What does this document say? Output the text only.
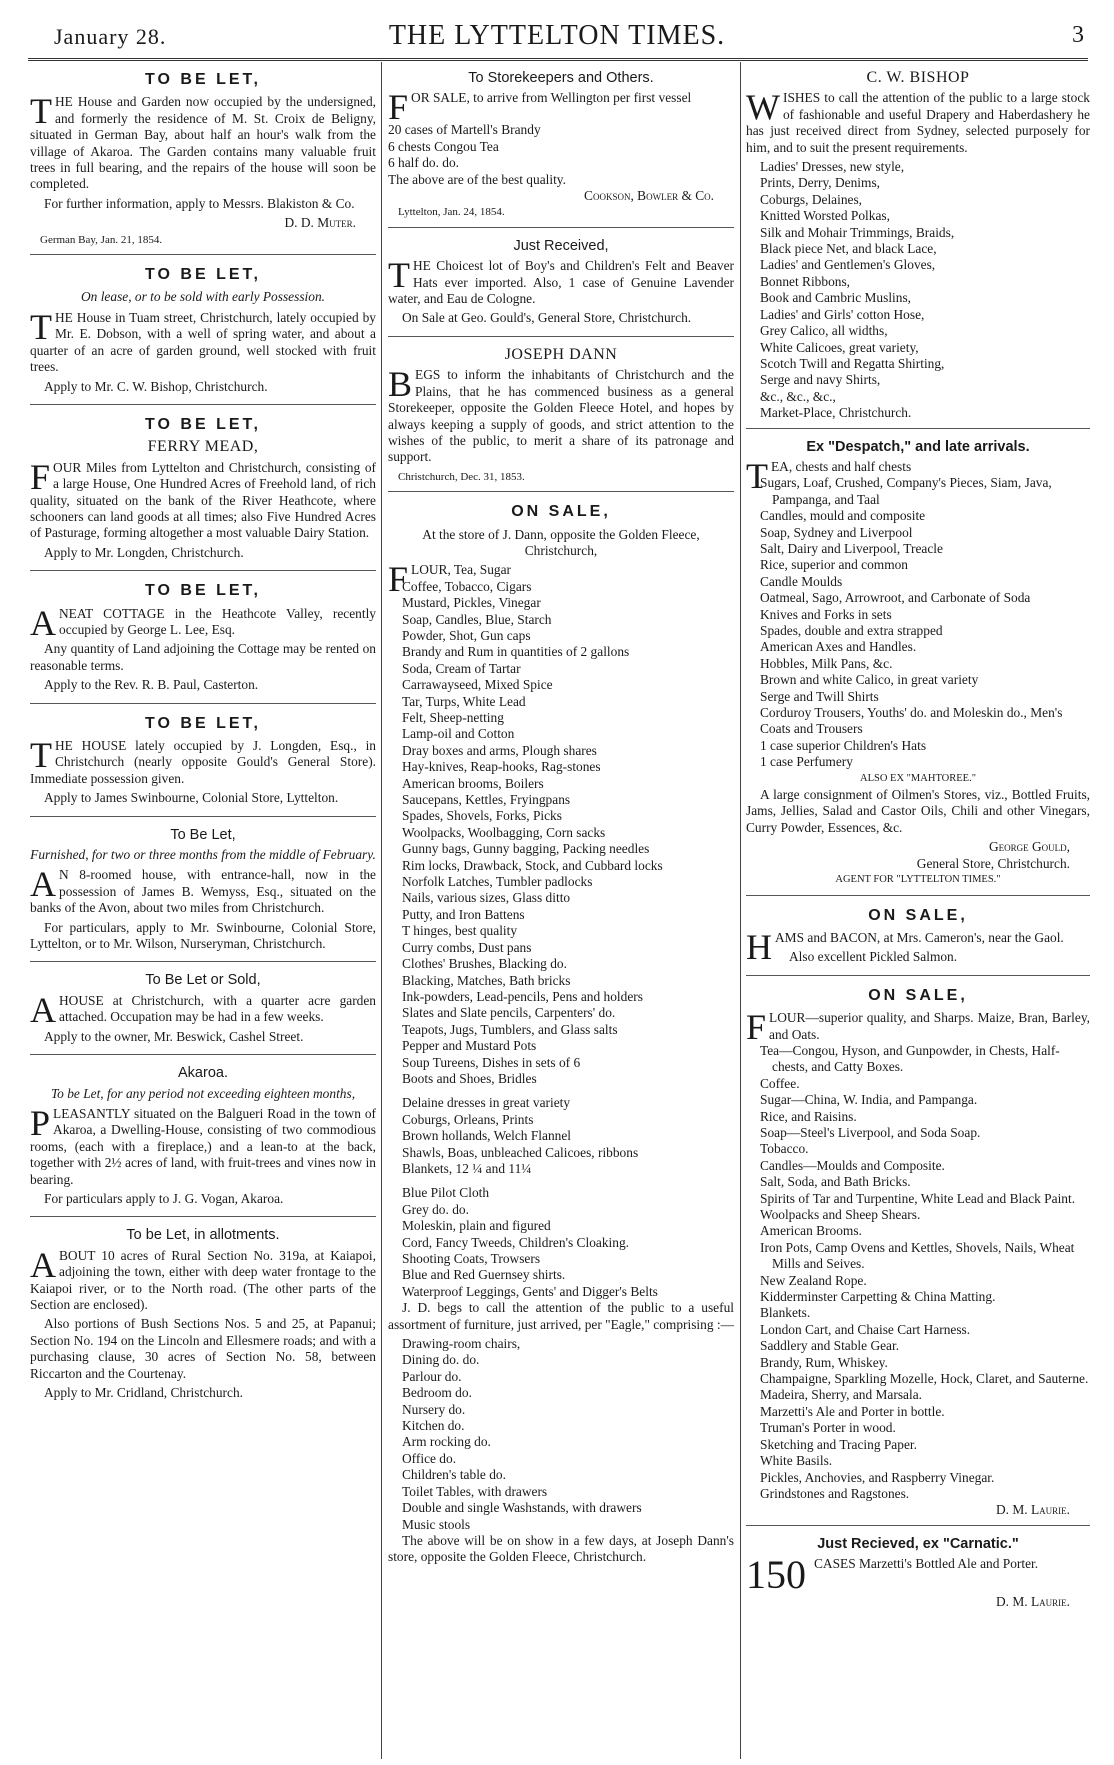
January 28.	THE LYTTELTON TIMES.	3
TO BE LET,

THE House and Garden now occupied by the undersigned, and formerly the residence of M. St. Croix de Beligny, situated in German Bay, about half an hour's walk from the village of Akaroa. The Garden contains many valuable fruit trees in full bearing, and the repairs of the house will soon be completed.

For further information, apply to Messrs. Blakiston & Co.

D. D. Muter.
German Bay, Jan. 21, 1854.
TO BE LET,
On lease, or to be sold with early Possession.

THE House in Tuam street, Christchurch, lately occupied by Mr. E. Dobson, with a well of spring water, and about a quarter of an acre of garden ground, well stocked with fruit trees.

Apply to Mr. C. W. Bishop, Christchurch.

TO BE LET,
FERRY MEAD,

FOUR Miles from Lyttelton and Christchurch, consisting of a large House, One Hundred Acres of Freehold land, of rich quality, situated on the bank of the River Heathcote, where schooners can land goods at all times; also Five Hundred Acres of Pasturage, forming altogether a most valuable Dairy Station.

Apply to Mr. Longden, Christchurch.

TO BE LET,

ANEAT COTTAGE in the Heathcote Valley, recently occupied by George L. Lee, Esq.

Any quantity of Land adjoining the Cottage may be rented on reasonable terms.

Apply to the Rev. R. B. Paul, Casterton.

TO BE LET,

THE HOUSE lately occupied by J. Longden, Esq., in Christchurch (nearly opposite Gould's General Store). Immediate possession given.

Apply to James Swinbourne, Colonial Store, Lyttelton.

To Be Let,
Furnished, for two or three months from the middle of February.

A N 8-roomed house, with entrance-hall, now in the possession of James B. Wemyss, Esq., situated on the banks of the Avon, about two miles from Christchurch.

For particulars, apply to Mr. Swinbourne, Colonial Store, Lyttelton, or to Mr. Wilson, Nurseryman, Christchurch.

To Be Let or Sold,

AHOUSE at Christchurch, with a quarter acre garden attached. Occupation may be had in a few weeks.

Apply to the owner, Mr. Beswick, Cashel Street.

Akaroa.
To be Let, for any period not exceeding eighteen months,

PLEASANTLY situated on the Balgueri Road in the town of Akaroa, a Dwelling-House, consisting of two commodious rooms, (each with a fireplace,) and a lean-to at the back, together with 2½ acres of land, with fruit-trees and vines now in bearing.

For particulars apply to J. G. Vogan, Akaroa.

To be Let, in allotments.

ABOUT 10 acres of Rural Section No. 319a, at Kaiapoi, adjoining the town, either with deep water frontage to the Kaiapoi river, or to the North road. (The other parts of the Section are enclosed).

Also portions of Bush Sections Nos. 5 and 25, at Papanui; Section No. 194 on the Lincoln and Ellesmere roads; and with a purchasing clause, 30 acres of Section No. 58, between Riccarton and the Courtenay.

Apply to Mr. Cridland, Christchurch.

To Storekeepers and Others.

FOR SALE, to arrive from Wellington per first vessel

20 cases of Martell's Brandy
6 chests Congou Tea
6 half do. do.
The above are of the best quality.
Cookson, Bowler & Co.
Lyttelton, Jan. 24, 1854.
Just Received,

THE Choicest lot of Boy's and Children's Felt and Beaver Hats ever imported. Also, 1 case of Genuine Lavender water, and Eau de Cologne.

On Sale at Geo. Gould's, General Store, Christchurch.

JOSEPH DANN

BEGS to inform the inhabitants of Christchurch and the Plains, that he has commenced business as a general Storekeeper, opposite the Golden Fleece Hotel, and hopes by always keeping a supply of goods, and strict attention to the wishes of the public, to merit a share of its patronage and support.

Christchurch, Dec. 31, 1853.
ON SALE,

At the store of J. Dann, opposite the Golden Fleece, Christchurch,

FLOUR, Tea, Sugar

Coffee, Tobacco, Cigars
Mustard, Pickles, Vinegar
Soap, Candles, Blue, Starch
Powder, Shot, Gun caps
Brandy and Rum in quantities of 2 gallons
Soda, Cream of Tartar
Carrawayseed, Mixed Spice
Tar, Turps, White Lead
Felt, Sheep-netting
Lamp-oil and Cotton
Dray boxes and arms, Plough shares
Hay-knives, Reap-hooks, Rag-stones
American brooms, Boilers
Saucepans, Kettles, Fryingpans
Spades, Shovels, Forks, Picks
Woolpacks, Woolbagging, Corn sacks
Gunny bags, Gunny bagging, Packing needles
Rim locks, Drawback, Stock, and Cubbard locks
Norfolk Latches, Tumbler padlocks
Nails, various sizes, Glass ditto
Putty, and Iron Battens
T hinges, best quality
Curry combs, Dust pans
Clothes' Brushes, Blacking do.
Blacking, Matches, Bath bricks
Ink-powders, Lead-pencils, Pens and holders
Slates and Slate pencils, Carpenters' do.
Teapots, Jugs, Tumblers, and Glass salts
Pepper and Mustard Pots
Soup Tureens, Dishes in sets of 6
Boots and Shoes, Bridles
Delaine dresses in great variety
Coburgs, Orleans, Prints
Brown hollands, Welch Flannel
Shawls, Boas, unbleached Calicoes, ribbons
Blankets, 12 ¼ and 11¼
Blue Pilot Cloth
Grey do. do.
Moleskin, plain and figured
Cord, Fancy Tweeds, Children's Cloaking.
Shooting Coats, Trowsers
Blue and Red Guernsey shirts.
Waterproof Leggings, Gents' and Digger's Belts

J. D. begs to call the attention of the public to a useful assortment of furniture, just arrived, per "Eagle," comprising :—

Drawing-room chairs,
Dining do. do.
Parlour do.
Bedroom do.
Nursery do.
Kitchen do.
Arm rocking do.
Office do.
Children's table do.
Toilet Tables, with drawers
Double and single Washstands, with drawers
Music stools

The above will be on show in a few days, at Joseph Dann's store, opposite the Golden Fleece, Christchurch.

C. W. BISHOP

WISHES to call the attention of the public to a large stock of fashionable and useful Drapery and Haberdashery he has just received direct from Sydney, selected purposely for him, and to suit the present requirements.

Ladies' Dresses, new style,
Prints, Derry, Denims,
Coburgs, Delaines,
Knitted Worsted Polkas,
Silk and Mohair Trimmings, Braids,
Black piece Net, and black Lace,
Ladies' and Gentlemen's Gloves,
Bonnet Ribbons,
Book and Cambric Muslins,
Ladies' and Girls' cotton Hose,
Grey Calico, all widths,
White Calicoes, great variety,
Scotch Twill and Regatta Shirting,
Serge and navy Shirts,
&c., &c., &c.,
Market-Place, Christchurch.
Ex "Despatch," and late arrivals.

TEA, chests and half chests

Sugars, Loaf, Crushed, Company's Pieces, Siam, Java, Pampanga, and Taal
Candles, mould and composite
Soap, Sydney and Liverpool
Salt, Dairy and Liverpool, Treacle
Rice, superior and common
Candle Moulds
Oatmeal, Sago, Arrowroot, and Carbonate of Soda
Knives and Forks in sets
Spades, double and extra strapped
American Axes and Handles.
Hobbles, Milk Pans, &c.
Brown and white Calico, in great variety
Serge and Twill Shirts
Corduroy Trousers, Youths' do. and Moleskin do., Men's
Coats and Trousers
1 case superior Children's Hats
1 case Perfumery
ALSO EX "MAHTOREE."

A large consignment of Oilmen's Stores, viz., Bottled Fruits, Jams, Jellies, Salad and Castor Oils, Chili and other Vinegars, Curry Powder, Essences, &c.

George Gould,
General Store, Christchurch.
AGENT FOR "LYTTELTON TIMES."
ON SALE,

HAMS and BACON, at Mrs. Cameron's, near the Gaol.

Also excellent Pickled Salmon.

ON SALE,

FLOUR—superior quality, and Sharps. Maize, Bran, Barley, and Oats.

Tea—Congou, Hyson, and Gunpowder, in Chests, Half-chests, and Catty Boxes.
Coffee.
Sugar—China, W. India, and Pampanga.
Rice, and Raisins.
Soap—Steel's Liverpool, and Soda Soap.
Tobacco.
Candles—Moulds and Composite.
Salt, Soda, and Bath Bricks.
Spirits of Tar and Turpentine, White Lead and Black Paint.
Woolpacks and Sheep Shears.
American Brooms.
Iron Pots, Camp Ovens and Kettles, Shovels, Nails, Wheat Mills and Seives.
New Zealand Rope.
Kidderminster Carpetting & China Matting.
Blankets.
London Cart, and Chaise Cart Harness.
Saddlery and Stable Gear.
Brandy, Rum, Whiskey.
Champaigne, Sparkling Mozelle, Hock, Claret, and Sauterne.
Madeira, Sherry, and Marsala.
Marzetti's Ale and Porter in bottle.
Truman's Porter in wood.
Sketching and Tracing Paper.
White Basils.
Pickles, Anchovies, and Raspberry Vinegar.
Grindstones and Ragstones.
D. M. Laurie.
Just Recieved, ex "Carnatic."

150 CASES Marzetti's Bottled Ale and Porter.

D. M. Laurie.
